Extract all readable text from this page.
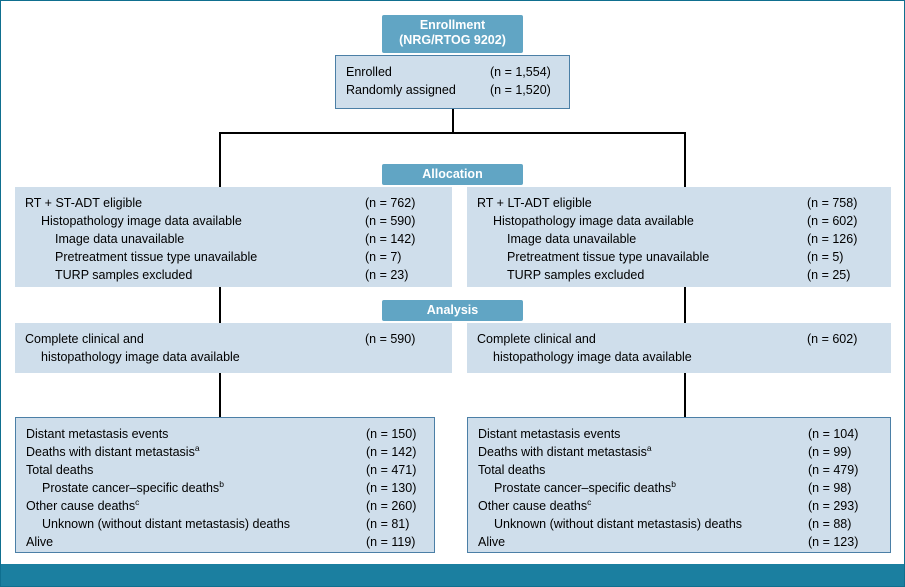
Enrollment
(NRG/RTOG 9202)
Enrolled	(n = 1,554)
Randomly assigned	(n = 1,520)
Allocation
RT + ST-ADT eligible	(n = 762)
Histopathology image data available	(n = 590)
Image data unavailable	(n = 142)
Pretreatment tissue type unavailable	(n = 7)
TURP samples excluded	(n = 23)
RT + LT-ADT eligible	(n = 758)
Histopathology image data available	(n = 602)
Image data unavailable	(n = 126)
Pretreatment tissue type unavailable	(n = 5)
TURP samples excluded	(n = 25)
Analysis
Complete clinical and	(n = 590)
histopathology image data available
Complete clinical and	(n = 602)
histopathology image data available
Distant metastasis events	(n = 150)
Deaths with distant metastasis$^a$	(n = 142)
Total deaths	(n = 471)
Prostate cancer–specific deaths$^b$	(n = 130)
Other cause deaths$^c$	(n = 260)
Unknown (without distant metastasis) deaths	(n = 81)
Alive	(n = 119)
Distant metastasis events	(n = 104)
Deaths with distant metastasis$^a$	(n = 99)
Total deaths	(n = 479)
Prostate cancer–specific deaths$^b$	(n = 98)
Other cause deaths$^c$	(n = 293)
Unknown (without distant metastasis) deaths	(n = 88)
Alive	(n = 123)
